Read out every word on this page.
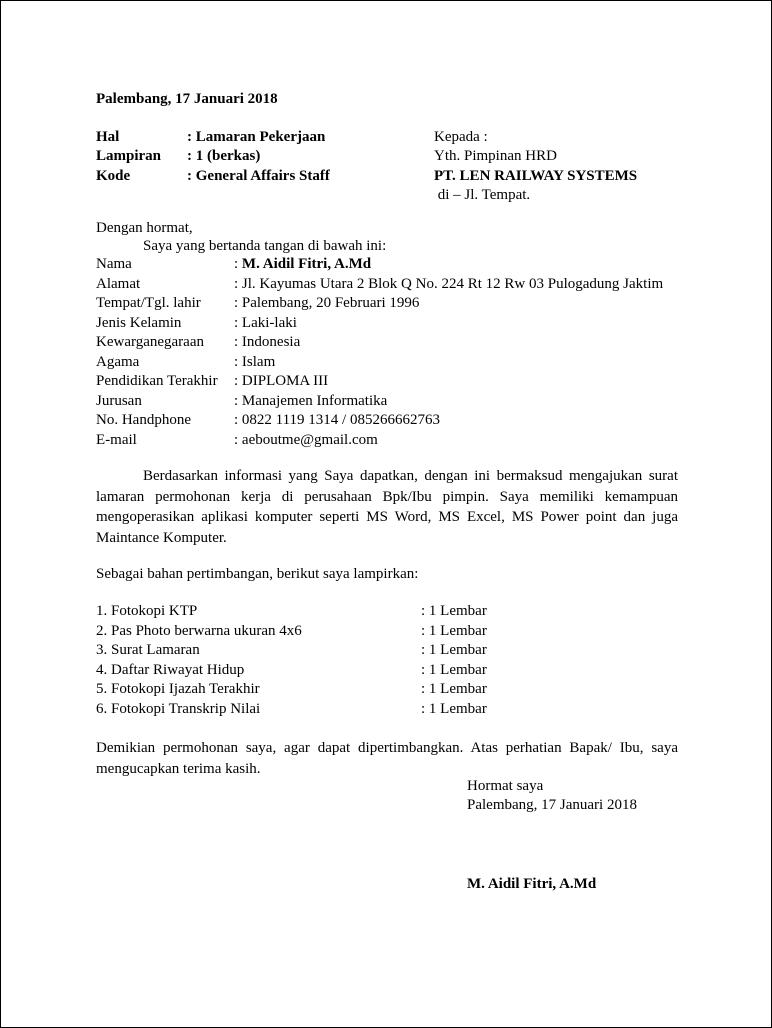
Palembang, 17 Januari 2018
Hal	: Lamaran Pekerjaan
Lampiran : 1 (berkas)
Kode	: General Affairs Staff
Kepada :
Yth. Pimpinan HRD
PT. LEN RAILWAY SYSTEMS
di – Jl. Tempat.
Dengan hormat,
Saya yang bertanda tangan di bawah ini:
Nama	: M. Aidil Fitri, A.Md
Alamat	: Jl. Kayumas Utara 2 Blok Q No. 224 Rt 12 Rw 03 Pulogadung Jaktim
Tempat/Tgl. lahir : Palembang, 20 Februari 1996
Jenis Kelamin	: Laki-laki
Kewarganegaraan : Indonesia
Agama	: Islam
Pendidikan Terakhir : DIPLOMA III
Jurusan	: Manajemen Informatika
No. Handphone	: 0822 1119 1314 / 085266662763
E-mail	: aeboutme@gmail.com
Berdasarkan informasi yang Saya dapatkan, dengan ini bermaksud mengajukan surat lamaran permohonan kerja di perusahaan Bpk/Ibu pimpin. Saya memiliki kemampuan mengoperasikan aplikasi komputer seperti MS Word, MS Excel, MS Power point dan juga Maintance Komputer.
Sebagai bahan pertimbangan, berikut saya lampirkan:
1. Fotokopi KTP	: 1 Lembar
2. Pas Photo berwarna ukuran 4x6	: 1 Lembar
3. Surat Lamaran	: 1 Lembar
4. Daftar Riwayat Hidup	: 1 Lembar
5. Fotokopi Ijazah Terakhir	: 1 Lembar
6. Fotokopi Transkrip Nilai	: 1 Lembar
Demikian permohonan saya, agar dapat dipertimbangkan. Atas perhatian Bapak/ Ibu, saya mengucapkan terima kasih.
Hormat saya
Palembang, 17 Januari 2018
M. Aidil Fitri, A.Md
